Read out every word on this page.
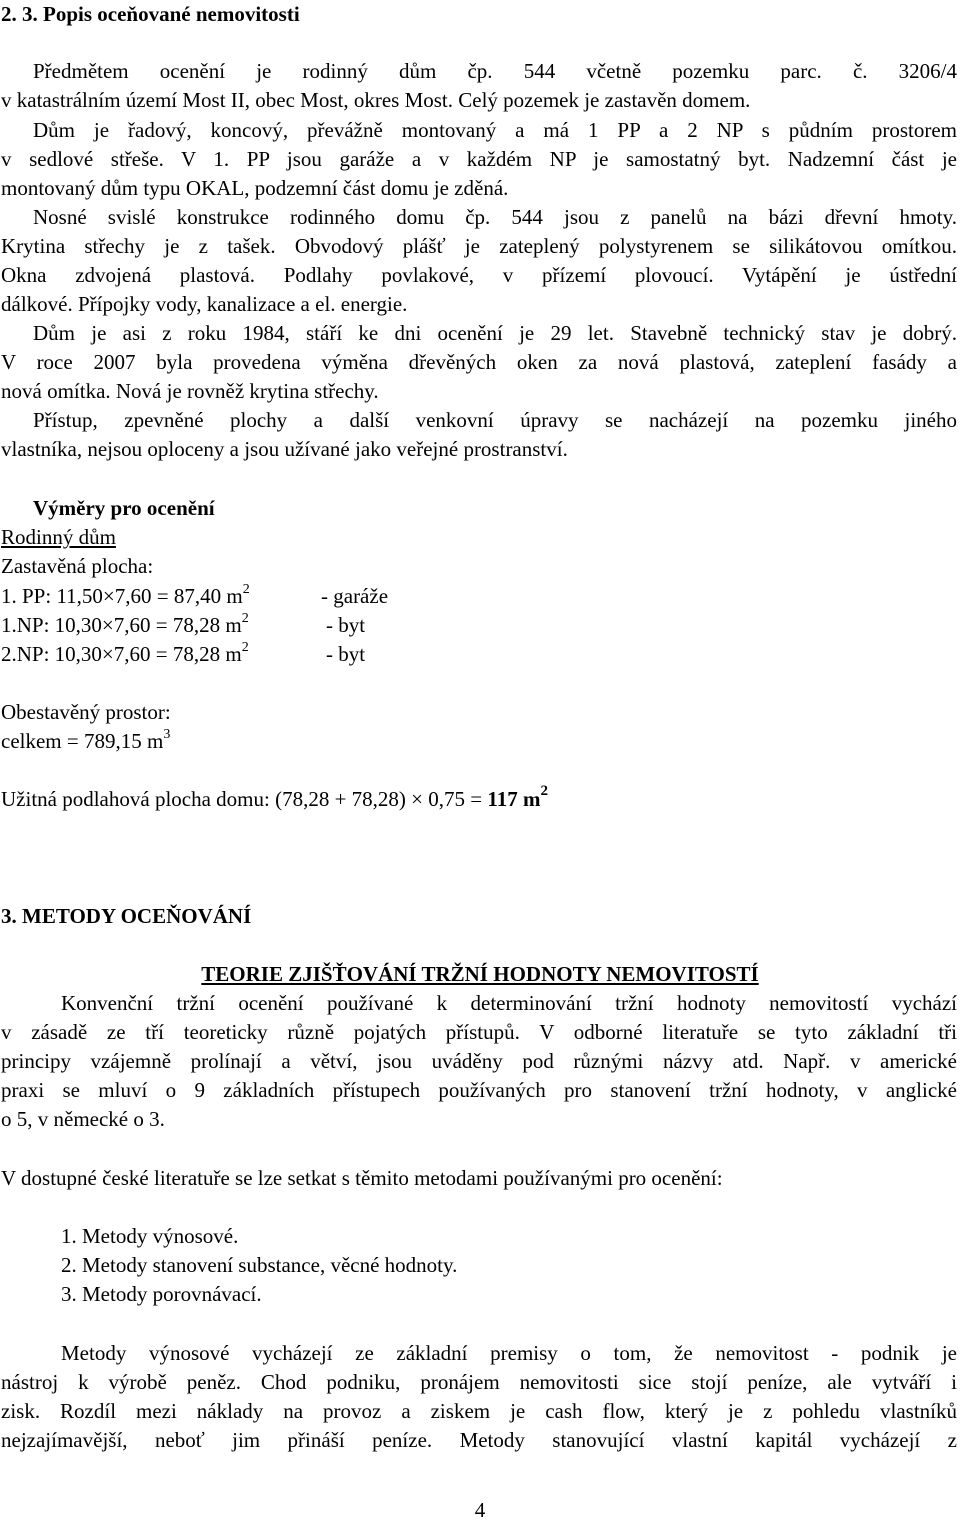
2. 3. Popis oceňované nemovitosti
Předmětem ocenění je rodinný dům čp. 544 včetně pozemku parc. č. 3206/4
v katastrálním území Most II, obec Most, okres Most. Celý pozemek je zastavěn domem.
Dům je řadový, koncový, převážně montovaný a má 1 PP a 2 NP s půdním prostorem
v sedlové střeše. V 1. PP jsou garáže a v každém NP je samostatný byt. Nadzemní část je
montovaný dům typu OKAL, podzemní část domu je zděná.
Nosné svislé konstrukce rodinného domu čp. 544 jsou z panelů na bázi dřevní hmoty.
Krytina střechy je z tašek. Obvodový plášť je zateplený polystyrenem se silikátovou omítkou.
Okna zdvojená plastová. Podlahy povlakové, v přízemí plovoucí. Vytápění je ústřední
dálkové. Přípojky vody, kanalizace a el. energie.
Dům je asi z roku 1984, stáří ke dni ocenění je 29 let. Stavebně technický stav je dobrý.
V roce 2007 byla provedena výměna dřevěných oken za nová plastová, zateplení fasády a
nová omítka. Nová je rovněž krytina střechy.
Přístup, zpevněné plochy a další venkovní úpravy se nacházejí na pozemku jiného
vlastníka, nejsou oploceny a jsou užívané jako veřejné prostranství.
Výměry pro ocenění
Rodinný dům
Zastavěná plocha:
1. PP: 11,50×7,60 = 87,40 $m^2$	- garáže
1.NP: 10,30×7,60 = 78,28 $m^2$	- byt
2.NP: 10,30×7,60 = 78,28 $m^2$	- byt
Obestavěný prostor:
celkem = 789,15 $m^3$
Užitná podlahová plocha domu: (78,28 + 78,28) × 0,75 = 117 $m^2$
3. METODY OCEŇOVÁNÍ
TEORIE ZJIŠŤOVÁNÍ TRŽNÍ HODNOTY NEMOVITOSTÍ
Konvenční tržní ocenění používané k determinování tržní hodnoty nemovitostí vychází
v zásadě ze tří teoreticky různě pojatých přístupů. V odborné literatuře se tyto základní tři
principy vzájemně prolínají a větví, jsou uváděny pod různými názvy atd. Např. v americké
praxi se mluví o 9 základních přístupech používaných pro stanovení tržní hodnoty, v anglické
o 5, v německé o 3.
V dostupné české literatuře se lze setkat s těmito metodami používanými pro ocenění:
1. Metody výnosové.
2. Metody stanovení substance, věcné hodnoty.
3. Metody porovnávací.
Metody výnosové vycházejí ze základní premisy o tom, že nemovitost - podnik je
nástroj k výrobě peněz. Chod podniku, pronájem nemovitosti sice stojí peníze, ale vytváří i
zisk. Rozdíl mezi náklady na provoz a ziskem je cash flow, který je z pohledu vlastníků
nejzajímavější, neboť jim přináší peníze. Metody stanovující vlastní kapitál vycházejí z
4
